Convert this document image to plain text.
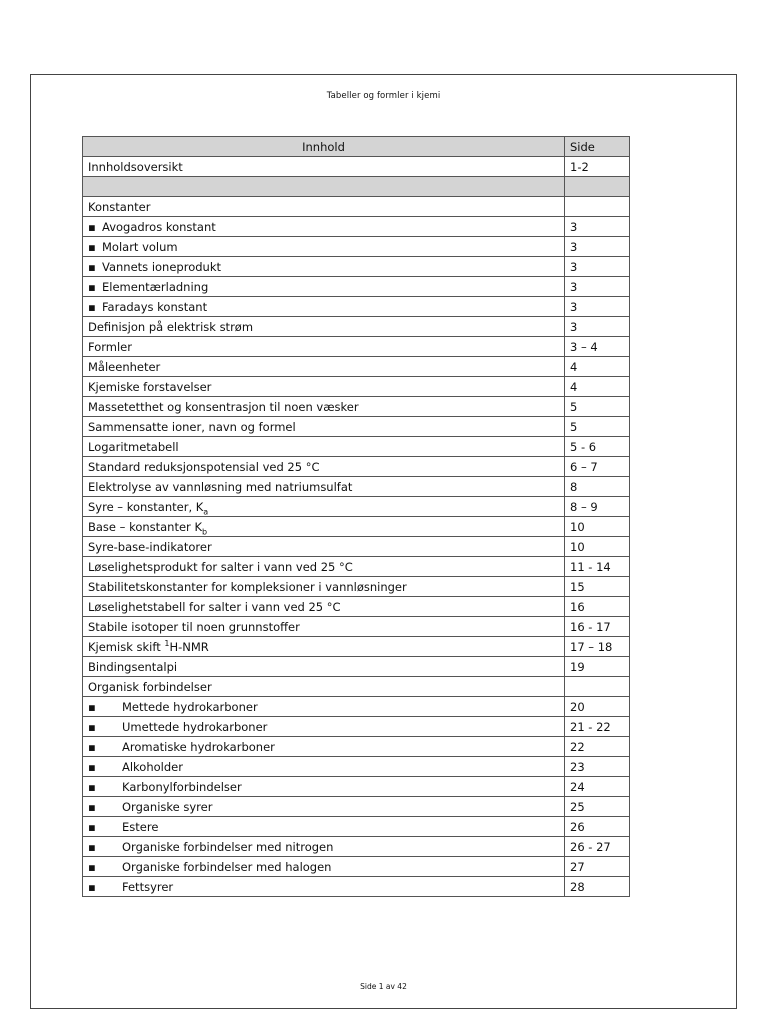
Tabeller og formler i kjemi
Innhold	Side
Innholdsoversikt	1-2

Konstanter	
▪ Avogadros konstant	3
▪ Molart volum	3
▪ Vannets ioneprodukt	3
▪ Elementærladning	3
▪ Faradays konstant	3
Definisjon på elektrisk strøm	3
Formler	3 – 4
Måleenheter	4
Kjemiske forstavelser	4
Massetetthet og konsentrasjon til noen væsker	5
Sammensatte ioner, navn og formel	5
Logaritmetabell	5 - 6
Standard reduksjonspotensial ved 25 °C	6 – 7
Elektrolyse av vannløsning med natriumsulfat	8
Syre – konstanter, $K_a$	8 – 9
Base – konstanter $K_b$	10
Syre-base-indikatorer	10
Løselighetsprodukt for salter i vann ved 25 °C	11 - 14
Stabilitetskonstanter for kompleksioner i vannløsninger	15
Løselighetstabell for salter i vann ved 25 °C	16
Stabile isotoper til noen grunnstoffer	16 - 17
Kjemisk skift $^1$H-NMR	17 – 18
Bindingsentalpi	19
Organisk forbindelser	
▪ Mettede hydrokarboner	20
▪ Umettede hydrokarboner	21 - 22
▪ Aromatiske hydrokarboner	22
▪ Alkoholder	23
▪ Karbonylforbindelser	24
▪ Organiske syrer	25
▪ Estere	26
▪ Organiske forbindelser med nitrogen	26 - 27
▪ Organiske forbindelser med halogen	27
▪ Fettsyrer	28
Side 1 av 42
